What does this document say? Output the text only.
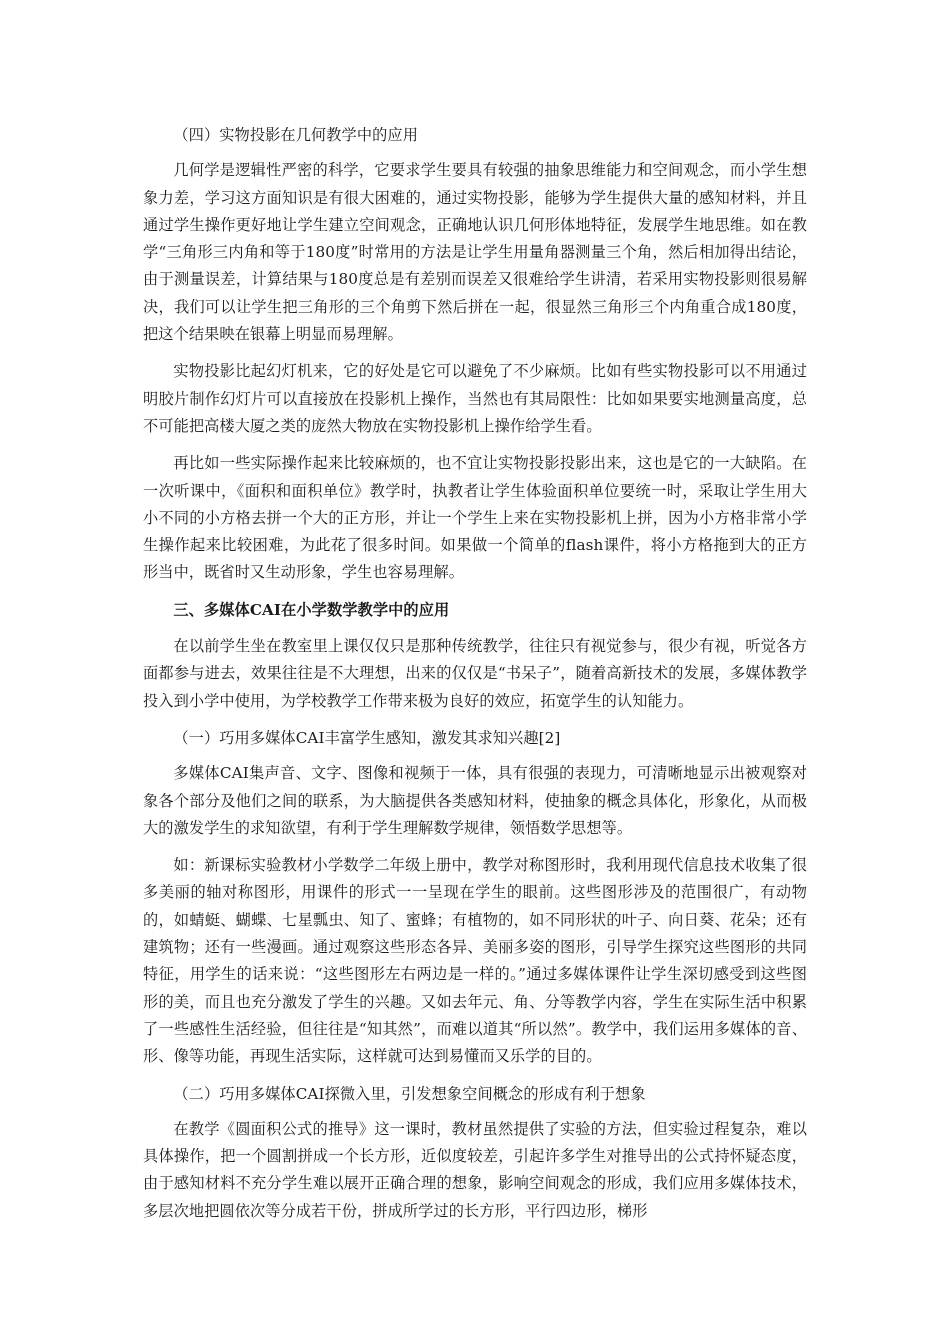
（四）实物投影在几何教学中的应用

几何学是逻辑性严密的科学，它要求学生要具有较强的抽象思维能力和空间观念，而小学生想象力差，学习这方面知识是有很大困难的，通过实物投影，能够为学生提供大量的感知材料，并且通过学生操作更好地让学生建立空间观念，正确地认识几何形体地特征，发展学生地思维。如在教学“三角形三内角和等于180度”时常用的方法是让学生用量角器测量三个角，然后相加得出结论，由于测量误差，计算结果与180度总是有差别而误差又很难给学生讲清，若采用实物投影则很易解决，我们可以让学生把三角形的三个角剪下然后拼在一起，很显然三角形三个内角重合成180度，把这个结果映在银幕上明显而易理解。

实物投影比起幻灯机来，它的好处是它可以避免了不少麻烦。比如有些实物投影可以不用通过明胶片制作幻灯片可以直接放在投影机上操作，当然也有其局限性：比如如果要实地测量高度，总不可能把高楼大厦之类的庞然大物放在实物投影机上操作给学生看。

再比如一些实际操作起来比较麻烦的，也不宜让实物投影投影出来，这也是它的一大缺陷。在一次听课中，《面积和面积单位》教学时，执教者让学生体验面积单位要统一时，采取让学生用大小不同的小方格去拼一个大的正方形，并让一个学生上来在实物投影机上拼，因为小方格非常小学生操作起来比较困难，为此花了很多时间。如果做一个简单的flash课件，将小方格拖到大的正方形当中，既省时又生动形象，学生也容易理解。

三、多媒体CAI在小学数学教学中的应用

在以前学生坐在教室里上课仅仅只是那种传统教学，往往只有视觉参与，很少有视，听觉各方面都参与进去，效果往往是不大理想，出来的仅仅是“书呆子”，随着高新技术的发展，多媒体教学投入到小学中使用，为学校教学工作带来极为良好的效应，拓宽学生的认知能力。

（一）巧用多媒体CAI丰富学生感知，激发其求知兴趣[2]

多媒体CAI集声音、文字、图像和视频于一体，具有很强的表现力，可清晰地显示出被观察对象各个部分及他们之间的联系，为大脑提供各类感知材料，使抽象的概念具体化，形象化，从而极大的激发学生的求知欲望，有利于学生理解数学规律，领悟数学思想等。

如：新课标实验教材小学数学二年级上册中，教学对称图形时，我利用现代信息技术收集了很多美丽的轴对称图形，用课件的形式一一呈现在学生的眼前。这些图形涉及的范围很广，有动物的，如蜻蜓、蝴蝶、七星瓢虫、知了、蜜蜂；有植物的，如不同形状的叶子、向日葵、花朵；还有建筑物；还有一些漫画。通过观察这些形态各异、美丽多姿的图形，引导学生探究这些图形的共同特征，用学生的话来说：“这些图形左右两边是一样的。”通过多媒体课件让学生深切感受到这些图形的美，而且也充分激发了学生的兴趣。又如去年元、角、分等教学内容，学生在实际生活中积累了一些感性生活经验，但往往是“知其然”，而难以道其“所以然”。教学中，我们运用多媒体的音、形、像等功能，再现生活实际，这样就可达到易懂而又乐学的目的。

（二）巧用多媒体CAI探微入里，引发想象空间概念的形成有利于想象

在教学《圆面积公式的推导》这一课时，教材虽然提供了实验的方法，但实验过程复杂，难以具体操作，把一个圆割拼成一个长方形，近似度较差，引起许多学生对推导出的公式持怀疑态度，由于感知材料不充分学生难以展开正确合理的想象，影响空间观念的形成，我们应用多媒体技术，多层次地把圆依次等分成若干份，拼成所学过的长方形，平行四边形，梯形
